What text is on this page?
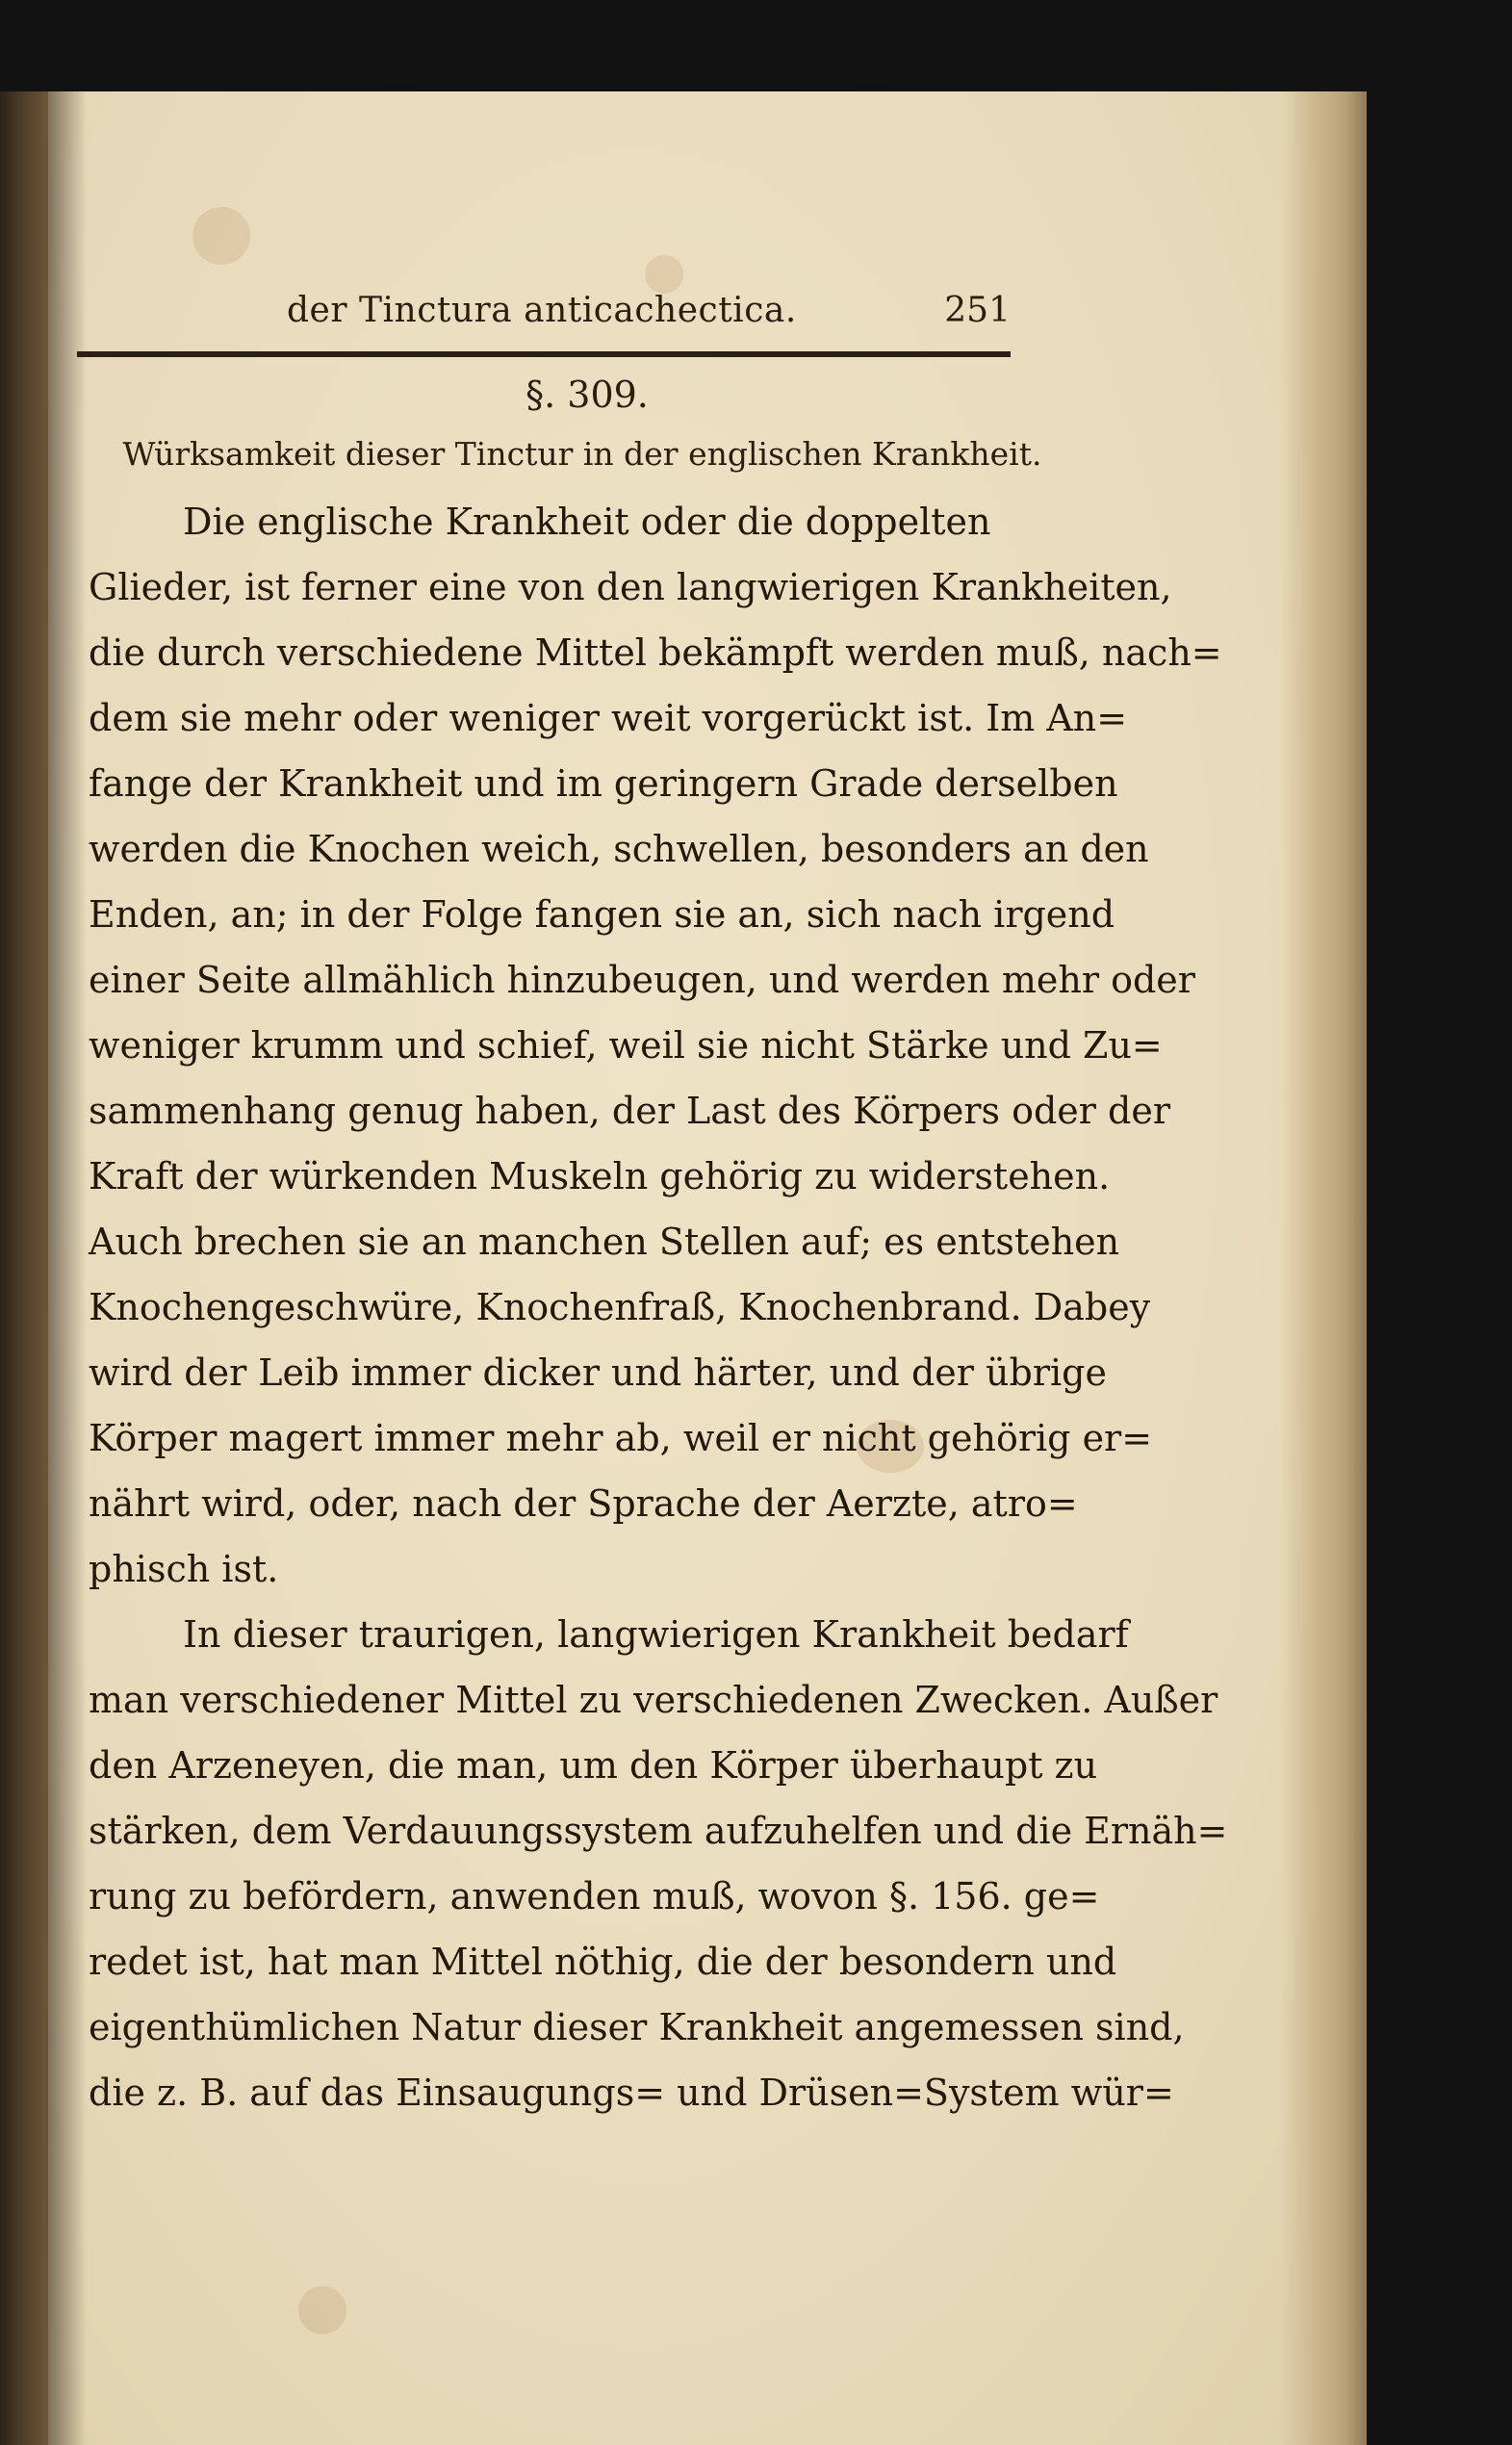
der Tinctura anticachectica.	251
§. 309.
Würksamkeit dieser Tinctur in der englischen Krankheit.
Die englische Krankheit oder die doppelten
Glieder, ist ferner eine von den langwierigen Krankheiten,
die durch verschiedene Mittel bekämpft werden muß, nach=
dem sie mehr oder weniger weit vorgerückt ist. Im An=
fange der Krankheit und im geringern Grade derselben
werden die Knochen weich, schwellen, besonders an den
Enden, an; in der Folge fangen sie an, sich nach irgend
einer Seite allmählich hinzubeugen, und werden mehr oder
weniger krumm und schief, weil sie nicht Stärke und Zu=
sammenhang genug haben, der Last des Körpers oder der
Kraft der würkenden Muskeln gehörig zu widerstehen.
Auch brechen sie an manchen Stellen auf; es entstehen
Knochengeschwüre, Knochenfraß, Knochenbrand. Dabey
wird der Leib immer dicker und härter, und der übrige
Körper magert immer mehr ab, weil er nicht gehörig er=
nährt wird, oder, nach der Sprache der Aerzte, atro=
phisch ist.
In dieser traurigen, langwierigen Krankheit bedarf
man verschiedener Mittel zu verschiedenen Zwecken. Außer
den Arzeneyen, die man, um den Körper überhaupt zu
stärken, dem Verdauungssystem aufzuhelfen und die Ernäh=
rung zu befördern, anwenden muß, wovon §. 156. ge=
redet ist, hat man Mittel nöthig, die der besondern und
eigenthümlichen Natur dieser Krankheit angemessen sind,
die z. B. auf das Einsaugungs= und Drüsen=System wür=
